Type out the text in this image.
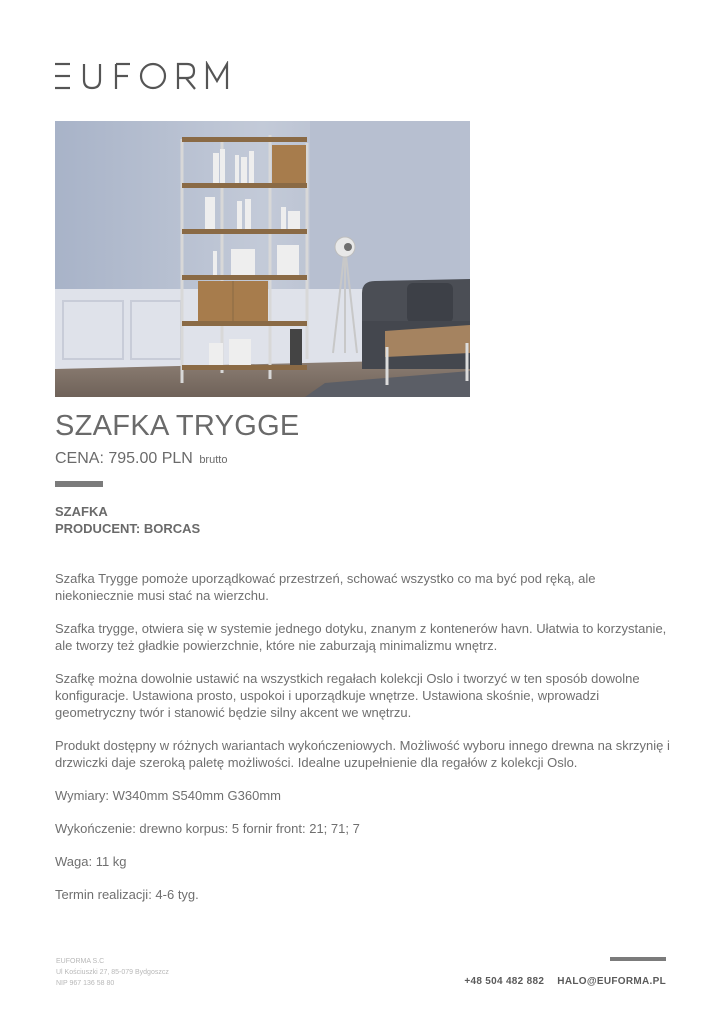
SZAFKA TRYGGE
CENA: 795.00 PLN brutto
SZAFKA
PRODUCENT: BORCAS

Szafka Trygge pomoże uporządkować przestrzeń, schować wszystko co ma być pod ręką, ale niekoniecznie musi stać na wierzchu.

Szafka trygge, otwiera się w systemie jednego dotyku, znanym z kontenerów havn. Ułatwia to korzystanie, ale tworzy też gładkie powierzchnie, które nie zaburzają minimalizmu wnętrz.

Szafkę można dowolnie ustawić na wszystkich regałach kolekcji Oslo i tworzyć w ten sposób dowolne konfiguracje. Ustawiona prosto, uspokoi i uporządkuje wnętrze. Ustawiona skośnie, wprowadzi geometryczny twór i stanowić będzie silny akcent we wnętrzu.

Produkt dostępny w różnych wariantach wykończeniowych. Możliwość wyboru innego drewna na skrzynię i drzwiczki daje szeroką paletę możliwości. Idealne uzupełnienie dla regałów z kolekcji Oslo.

Wymiary: W340mm S540mm G360mm

Wykończenie: drewno korpus: 5 fornir front: 21; 71; 7

Waga: 11 kg

Termin realizacji: 4-6 tyg.

EUFORMA S.C
Ul Kościuszki 27, 85-079 Bydgoszcz
NIP 967 136 58 80	+48 504 482 882 HALO@EUFORMA.PL
